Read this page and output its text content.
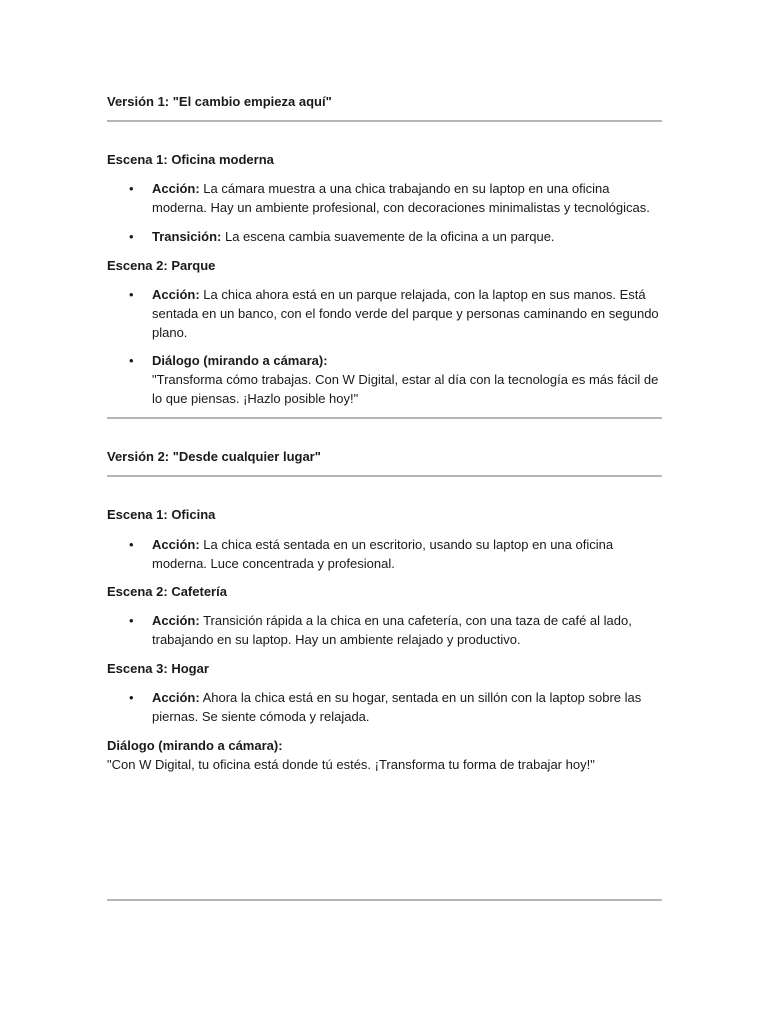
Versión 1: "El cambio empieza aquí"
Escena 1: Oficina moderna
• Acción: La cámara muestra a una chica trabajando en su laptop en una oficina moderna. Hay un ambiente profesional, con decoraciones minimalistas y tecnológicas.
• Transición: La escena cambia suavemente de la oficina a un parque.
Escena 2: Parque
• Acción: La chica ahora está en un parque relajada, con la laptop en sus manos. Está sentada en un banco, con el fondo verde del parque y personas caminando en segundo plano.
• Diálogo (mirando a cámara):
"Transforma cómo trabajas. Con W Digital, estar al día con la tecnología es más fácil de lo que piensas. ¡Hazlo posible hoy!"
Versión 2: "Desde cualquier lugar"
Escena 1: Oficina
• Acción: La chica está sentada en un escritorio, usando su laptop en una oficina moderna. Luce concentrada y profesional.
Escena 2: Cafetería
• Acción: Transición rápida a la chica en una cafetería, con una taza de café al lado, trabajando en su laptop. Hay un ambiente relajado y productivo.
Escena 3: Hogar
• Acción: Ahora la chica está en su hogar, sentada en un sillón con la laptop sobre las piernas. Se siente cómoda y relajada.
Diálogo (mirando a cámara):
"Con W Digital, tu oficina está donde tú estés. ¡Transforma tu forma de trabajar hoy!"
